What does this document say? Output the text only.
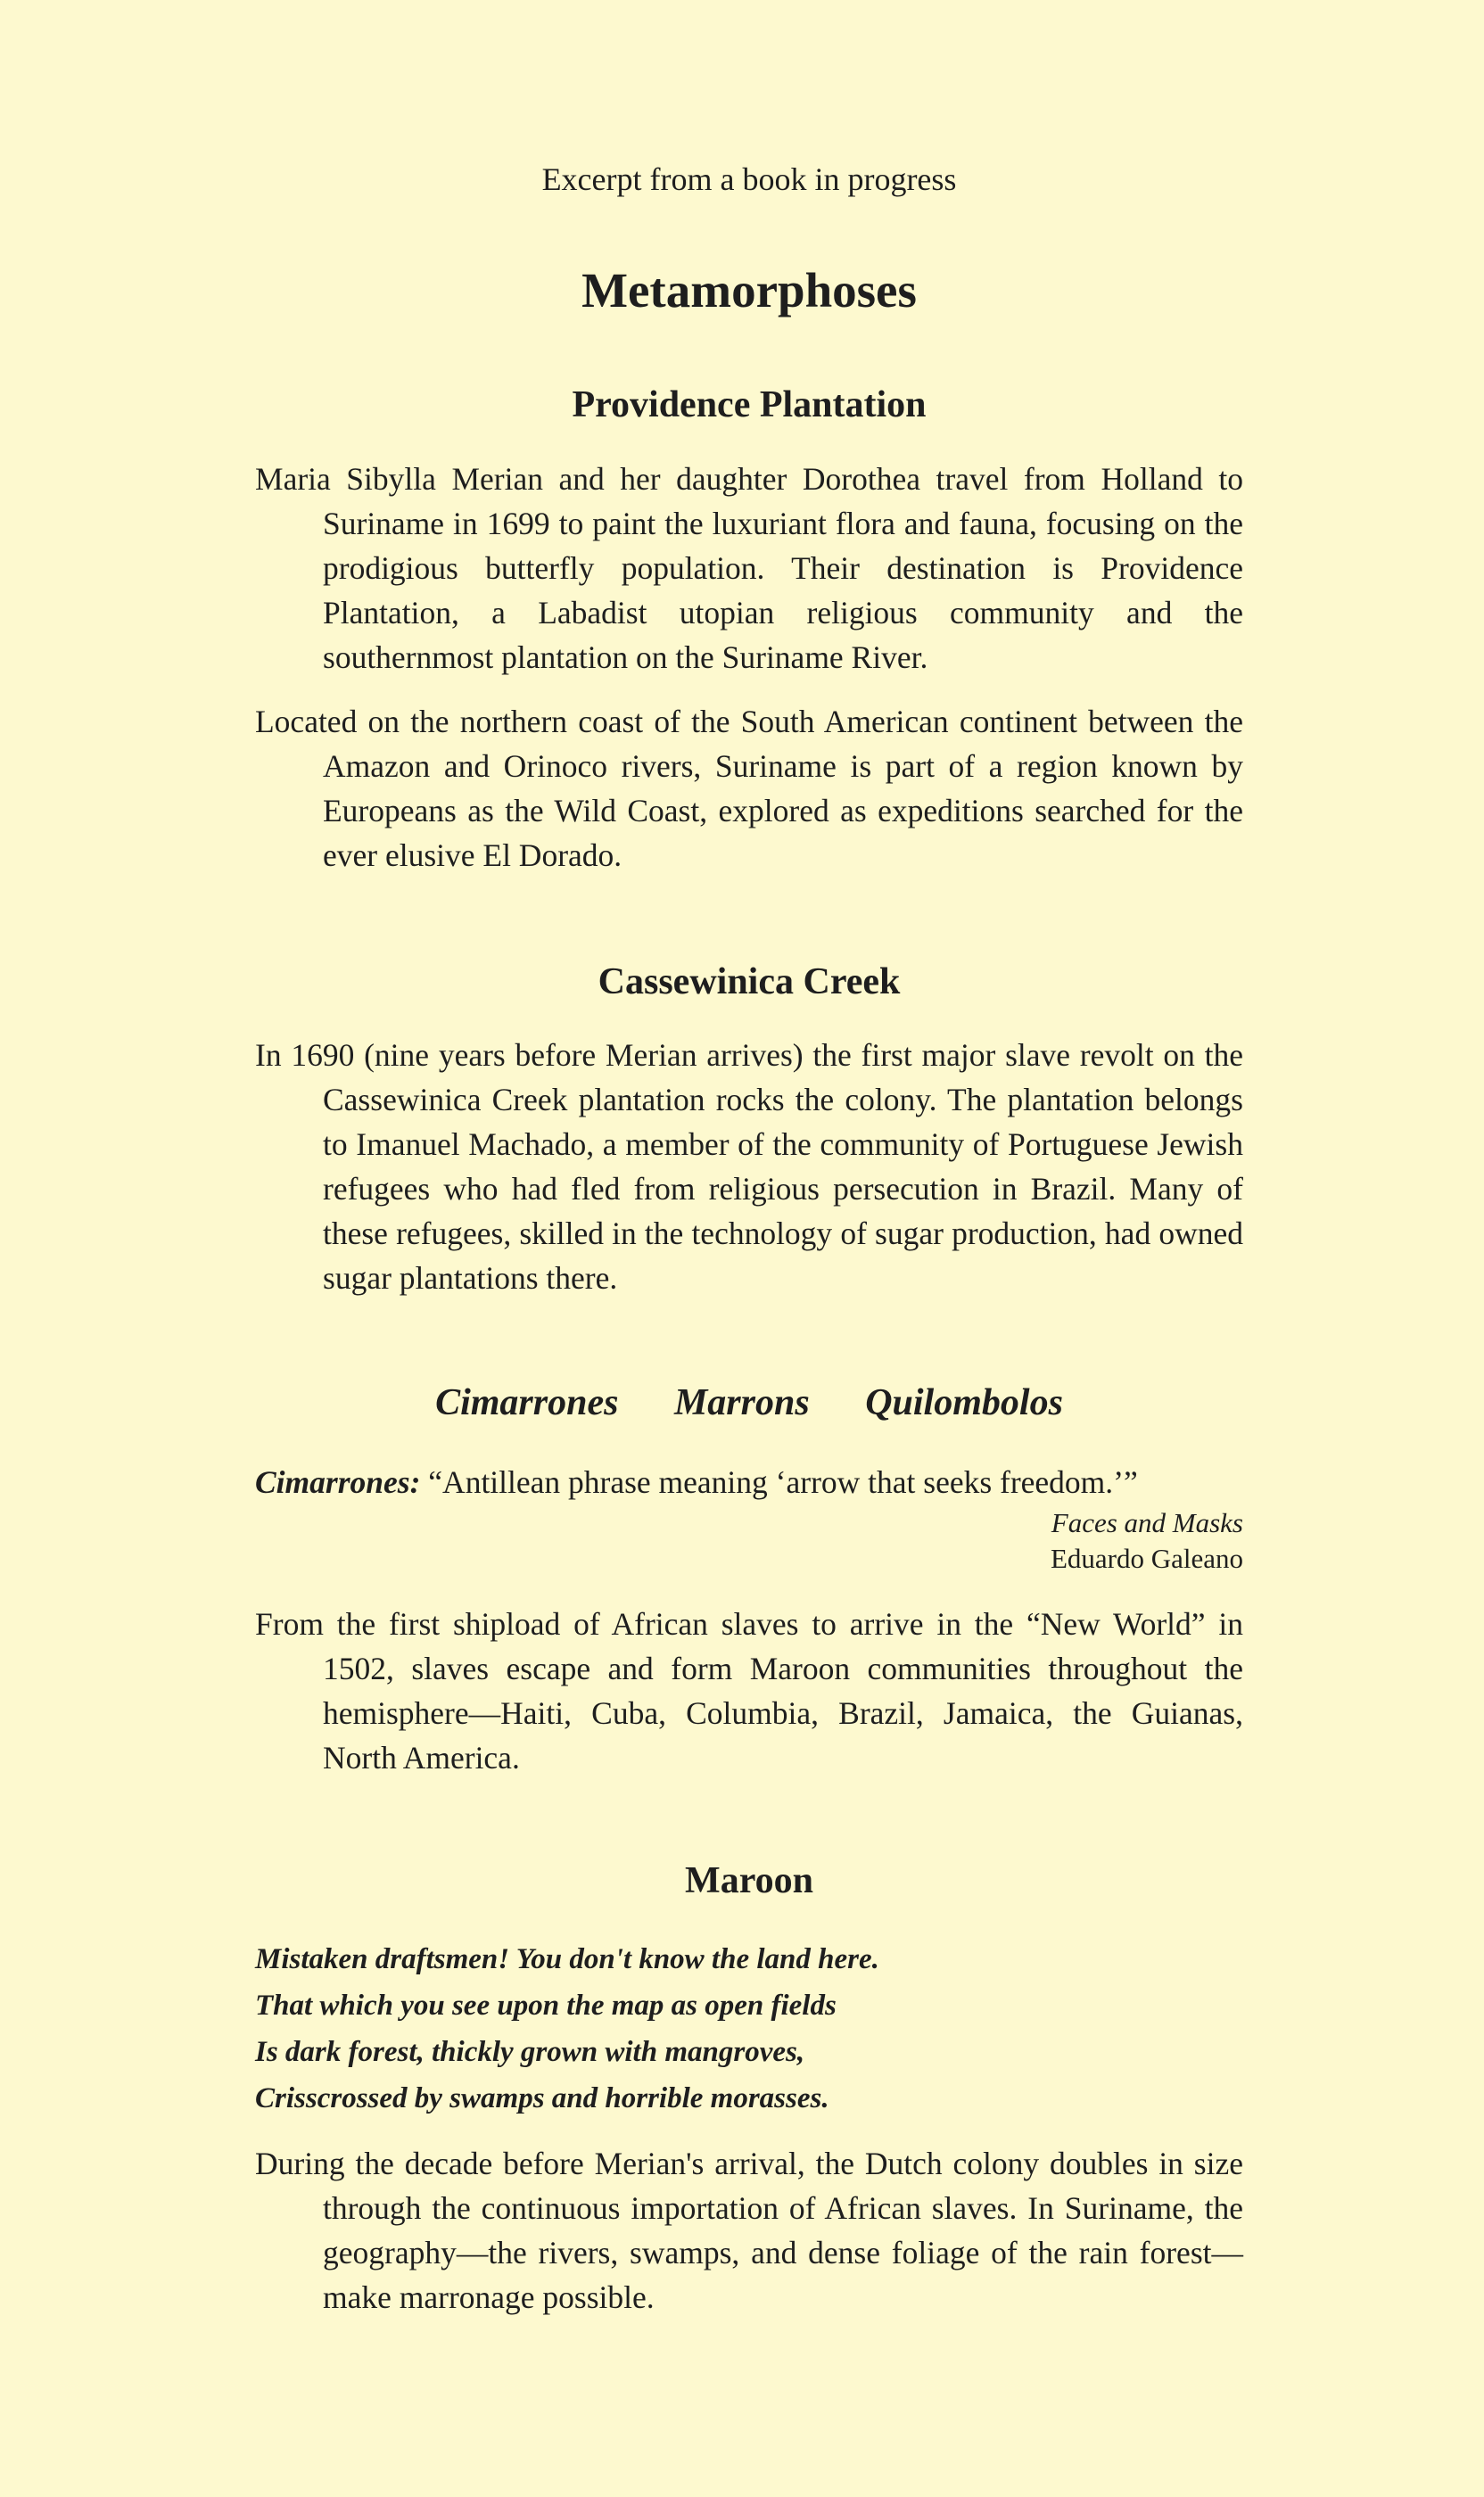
Excerpt from a book in progress

Metamorphoses
Providence Plantation

Maria Sibylla Merian and her daughter Dorothea travel from Holland to Suriname in 1699 to paint the luxuriant flora and fauna, focusing on the prodigious butterfly population. Their destination is Providence Plantation, a Labadist utopian religious community and the southernmost plantation on the Suriname River.

Located on the northern coast of the South American continent between the Amazon and Orinoco rivers, Suriname is part of a region known by Europeans as the Wild Coast, explored as expeditions searched for the ever elusive El Dorado.

Cassewinica Creek

In 1690 (nine years before Merian arrives) the first major slave revolt on the Cassewinica Creek plantation rocks the colony. The plantation belongs to Imanuel Machado, a member of the community of Portuguese Jewish refugees who had fled from religious persecution in Brazil. Many of these refugees, skilled in the technology of sugar production, had owned sugar plantations there.

Cimarrones Marrons Quilombolos

Cimarrones: “Antillean phrase meaning ‘arrow that seeks freedom.’”

Faces and Masks

Eduardo Galeano

From the first shipload of African slaves to arrive in the “New World” in 1502, slaves escape and form Maroon communities throughout the hemisphere—Haiti, Cuba, Columbia, Brazil, Jamaica, the Guianas, North America.

Maroon

Mistaken draftsmen! You don't know the land here.

That which you see upon the map as open fields

Is dark forest, thickly grown with mangroves,

Crisscrossed by swamps and horrible morasses.

During the decade before Merian's arrival, the Dutch colony doubles in size through the continuous importation of African slaves. In Suriname, the geography—the rivers, swamps, and dense foliage of the rain forest—make marronage possible.
